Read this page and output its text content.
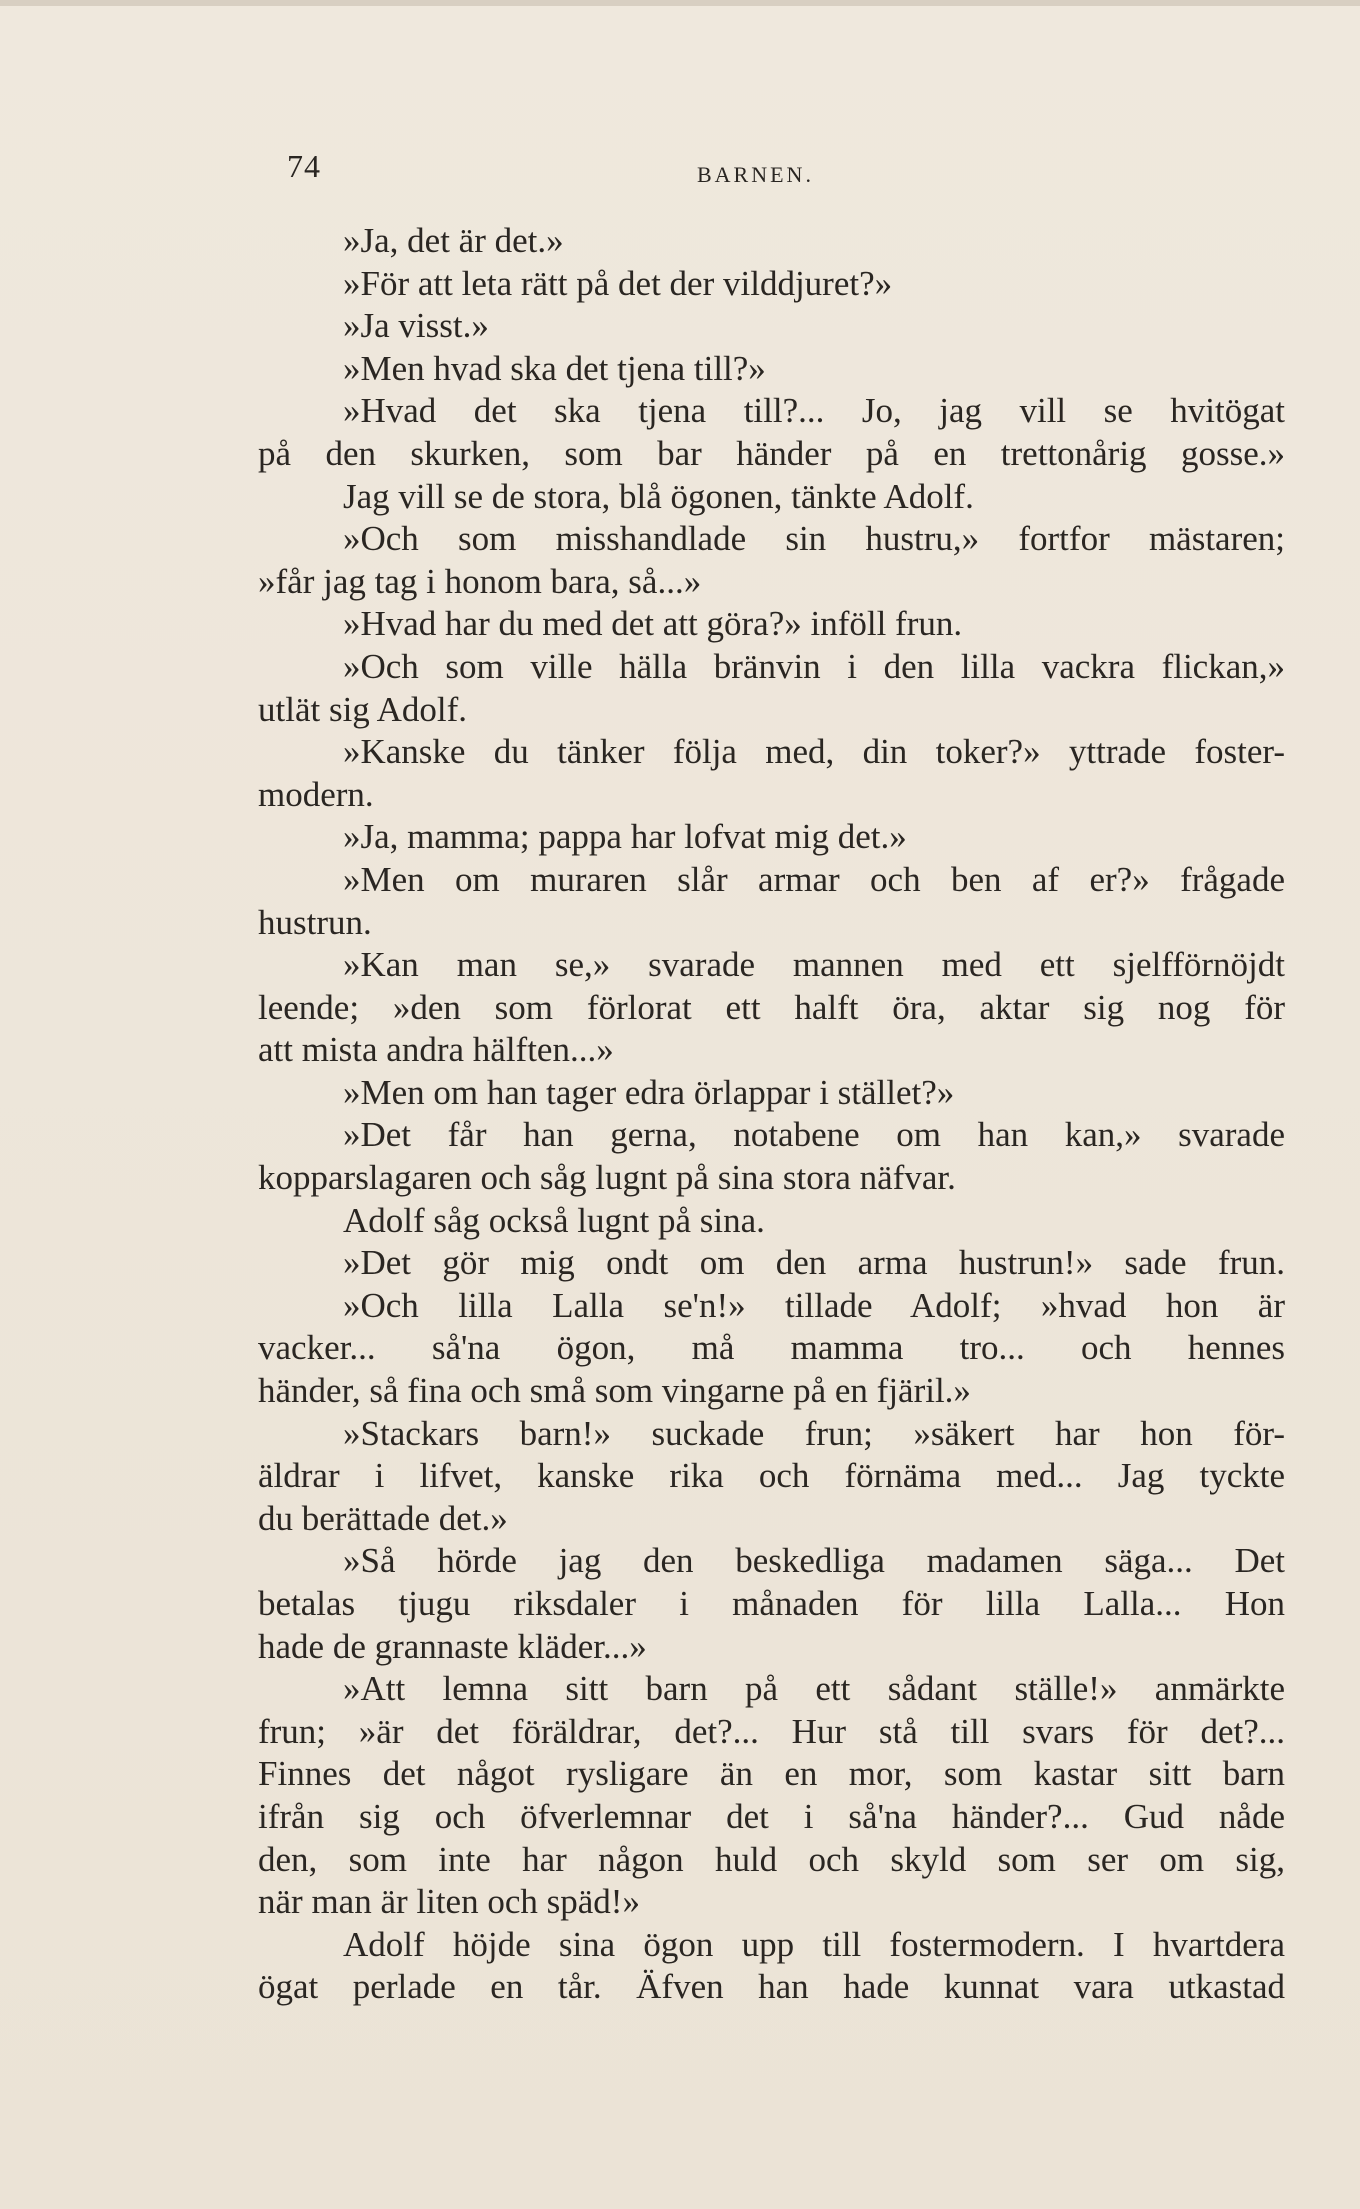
74	BARNEN.
»Ja, det är det.»
»För att leta rätt på det der vilddjuret?»
»Ja visst.»
»Men hvad ska det tjena till?»
»Hvad det ska tjena till?... Jo, jag vill se hvitögat
på den skurken, som bar händer på en trettonårig gosse.»
Jag vill se de stora, blå ögonen, tänkte Adolf.
»Och som misshandlade sin hustru,» fortfor mästaren;
»får jag tag i honom bara, så...»
»Hvad har du med det att göra?» inföll frun.
»Och som ville hälla bränvin i den lilla vackra flickan,»
utlät sig Adolf.
»Kanske du tänker följa med, din toker?» yttrade foster-
modern.
»Ja, mamma; pappa har lofvat mig det.»
»Men om muraren slår armar och ben af er?» frågade
hustrun.
»Kan man se,» svarade mannen med ett sjelfförnöjdt
leende; »den som förlorat ett halft öra, aktar sig nog för
att mista andra hälften...»
»Men om han tager edra örlappar i stället?»
»Det får han gerna, notabene om han kan,» svarade
kopparslagaren och såg lugnt på sina stora näfvar.
Adolf såg också lugnt på sina.
»Det gör mig ondt om den arma hustrun!» sade frun.
»Och lilla Lalla se'n!» tillade Adolf; »hvad hon är
vacker... så'na ögon, må mamma tro... och hennes
händer, så fina och små som vingarne på en fjäril.»
»Stackars barn!» suckade frun; »säkert har hon för-
äldrar i lifvet, kanske rika och förnäma med... Jag tyckte
du berättade det.»
»Så hörde jag den beskedliga madamen säga... Det
betalas tjugu riksdaler i månaden för lilla Lalla... Hon
hade de grannaste kläder...»
»Att lemna sitt barn på ett sådant ställe!» anmärkte
frun; »är det föräldrar, det?... Hur stå till svars för det?...
Finnes det något rysligare än en mor, som kastar sitt barn
ifrån sig och öfverlemnar det i så'na händer?... Gud nåde
den, som inte har någon huld och skyld som ser om sig,
när man är liten och späd!»
Adolf höjde sina ögon upp till fostermodern. I hvartdera
ögat perlade en tår. Äfven han hade kunnat vara utkastad
